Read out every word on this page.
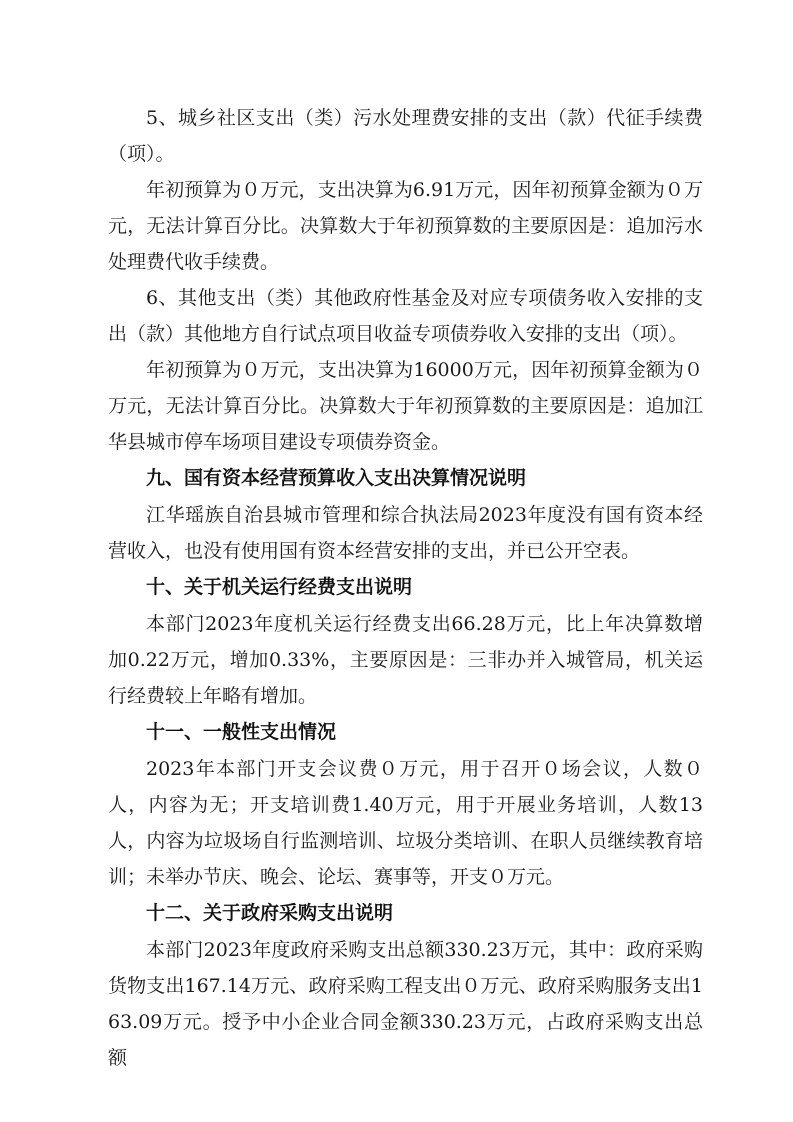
5、城乡社区支出（类）污水处理费安排的支出（款）代征手续费（项）。

年初预算为０万元，支出决算为6.91万元，因年初预算金额为０万元，无法计算百分比。决算数大于年初预算数的主要原因是：追加污水处理费代收手续费。

6、其他支出（类）其他政府性基金及对应专项债务收入安排的支出（款）其他地方自行试点项目收益专项债券收入安排的支出（项）。

年初预算为０万元，支出决算为16000万元，因年初预算金额为０万元，无法计算百分比。决算数大于年初预算数的主要原因是：追加江华县城市停车场项目建设专项债券资金。

九、国有资本经营预算收入支出决算情况说明

江华瑶族自治县城市管理和综合执法局2023年度没有国有资本经营收入，也没有使用国有资本经营安排的支出，并已公开空表。

十、关于机关运行经费支出说明

本部门2023年度机关运行经费支出66.28万元，比上年决算数增加0.22万元，增加0.33%，主要原因是：三非办并入城管局，机关运行经费较上年略有增加。

十一、一般性支出情况

2023年本部门开支会议费０万元，用于召开０场会议，人数０人，内容为无；开支培训费1.40万元，用于开展业务培训，人数13人，内容为垃圾场自行监测培训、垃圾分类培训、在职人员继续教育培训；未举办节庆、晚会、论坛、赛事等，开支０万元。

十二、关于政府采购支出说明

本部门2023年度政府采购支出总额330.23万元，其中：政府采购货物支出167.14万元、政府采购工程支出０万元、政府采购服务支出163.09万元。授予中小企业合同金额330.23万元，占政府采购支出总额
